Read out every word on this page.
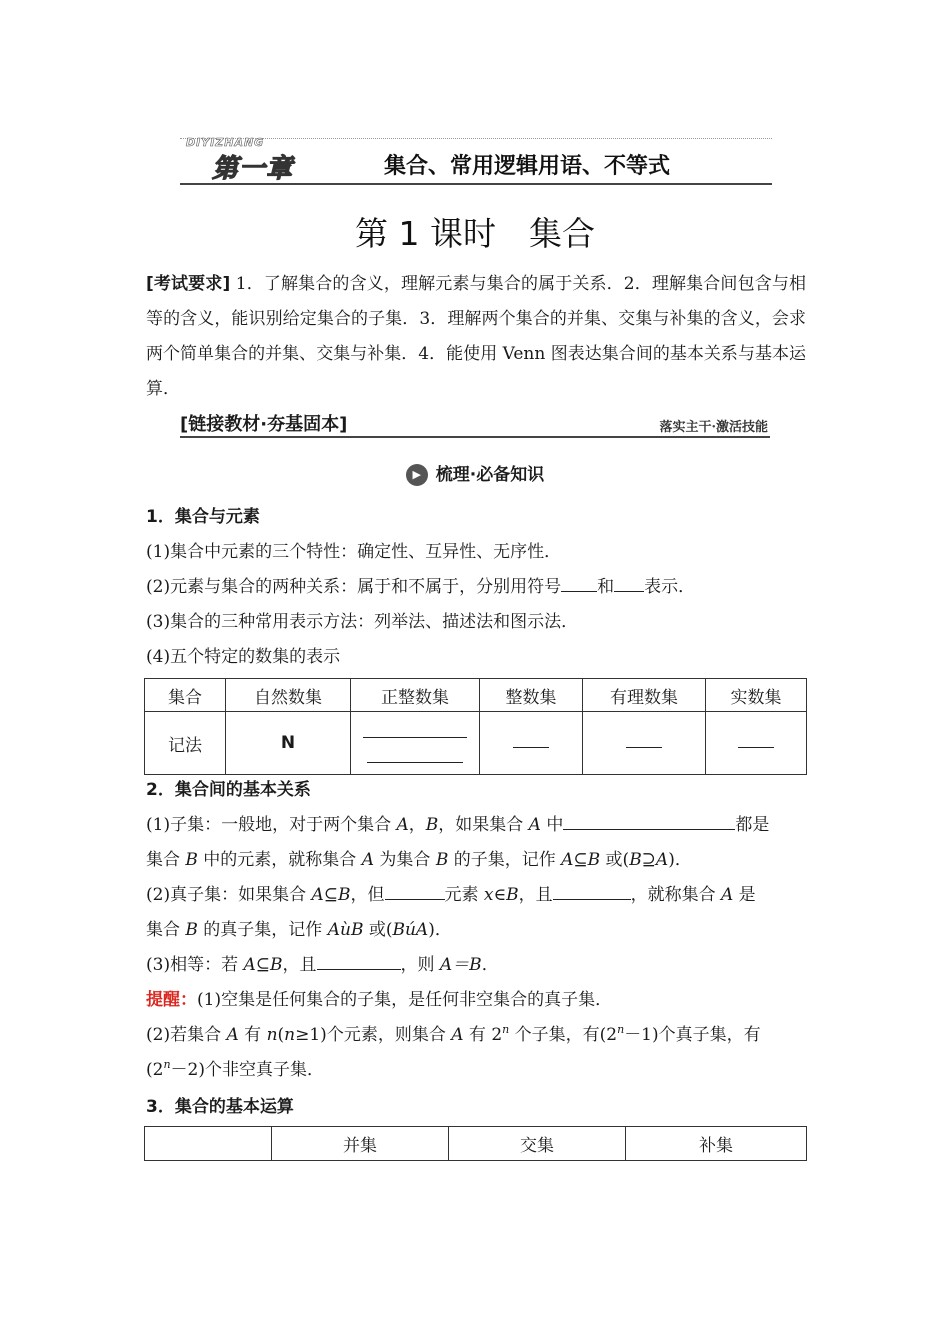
DIYIZHANG
第一章	集合、常用逻辑用语、不等式
第 1 课时　集合
[考试要求] 1．了解集合的含义，理解元素与集合的属于关系．2．理解集合间包含与相等的含义，能识别给定集合的子集．3．理解两个集合的并集、交集与补集的含义，会求两个简单集合的并集、交集与补集．4．能使用 Venn 图表达集合间的基本关系与基本运算．
[链接教材·夯基固本]	落实主干·激活技能
▶ 梳理·必备知识
1．集合与元素
(1)集合中元素的三个特性：确定性、互异性、无序性．
(2)元素与集合的两种关系：属于和不属于，分别用符号 和 表示．
(3)集合的三种常用表示方法：列举法、描述法和图示法．
(4)五个特定的数集的表示
集合	自然数集	正整数集	整数集	有理数集	实数集
记法	N	

2．集合间的基本关系
(1)子集：一般地，对于两个集合 A，B，如果集合 A 中	都是
集合 B 中的元素，就称集合 A 为集合 B 的子集，记作 A⊆B 或(B⊇A)．
(2)真子集：如果集合 A⊆B，但	元素 x∈B，且	，就称集合 A 是
集合 B 的真子集，记作 AùB 或(BúA)．
(3)相等：若 A⊆B，且	，则 A＝B．
提醒：(1)空集是任何集合的子集，是任何非空集合的真子集．
(2)若集合 A 有 n(n≥1)个元素，则集合 A 有 2$^n$ 个子集，有$(2^n-1)$个真子集，有
$(2^n-2)$个非空真子集．
3．集合的基本运算
	并集	交集	补集
